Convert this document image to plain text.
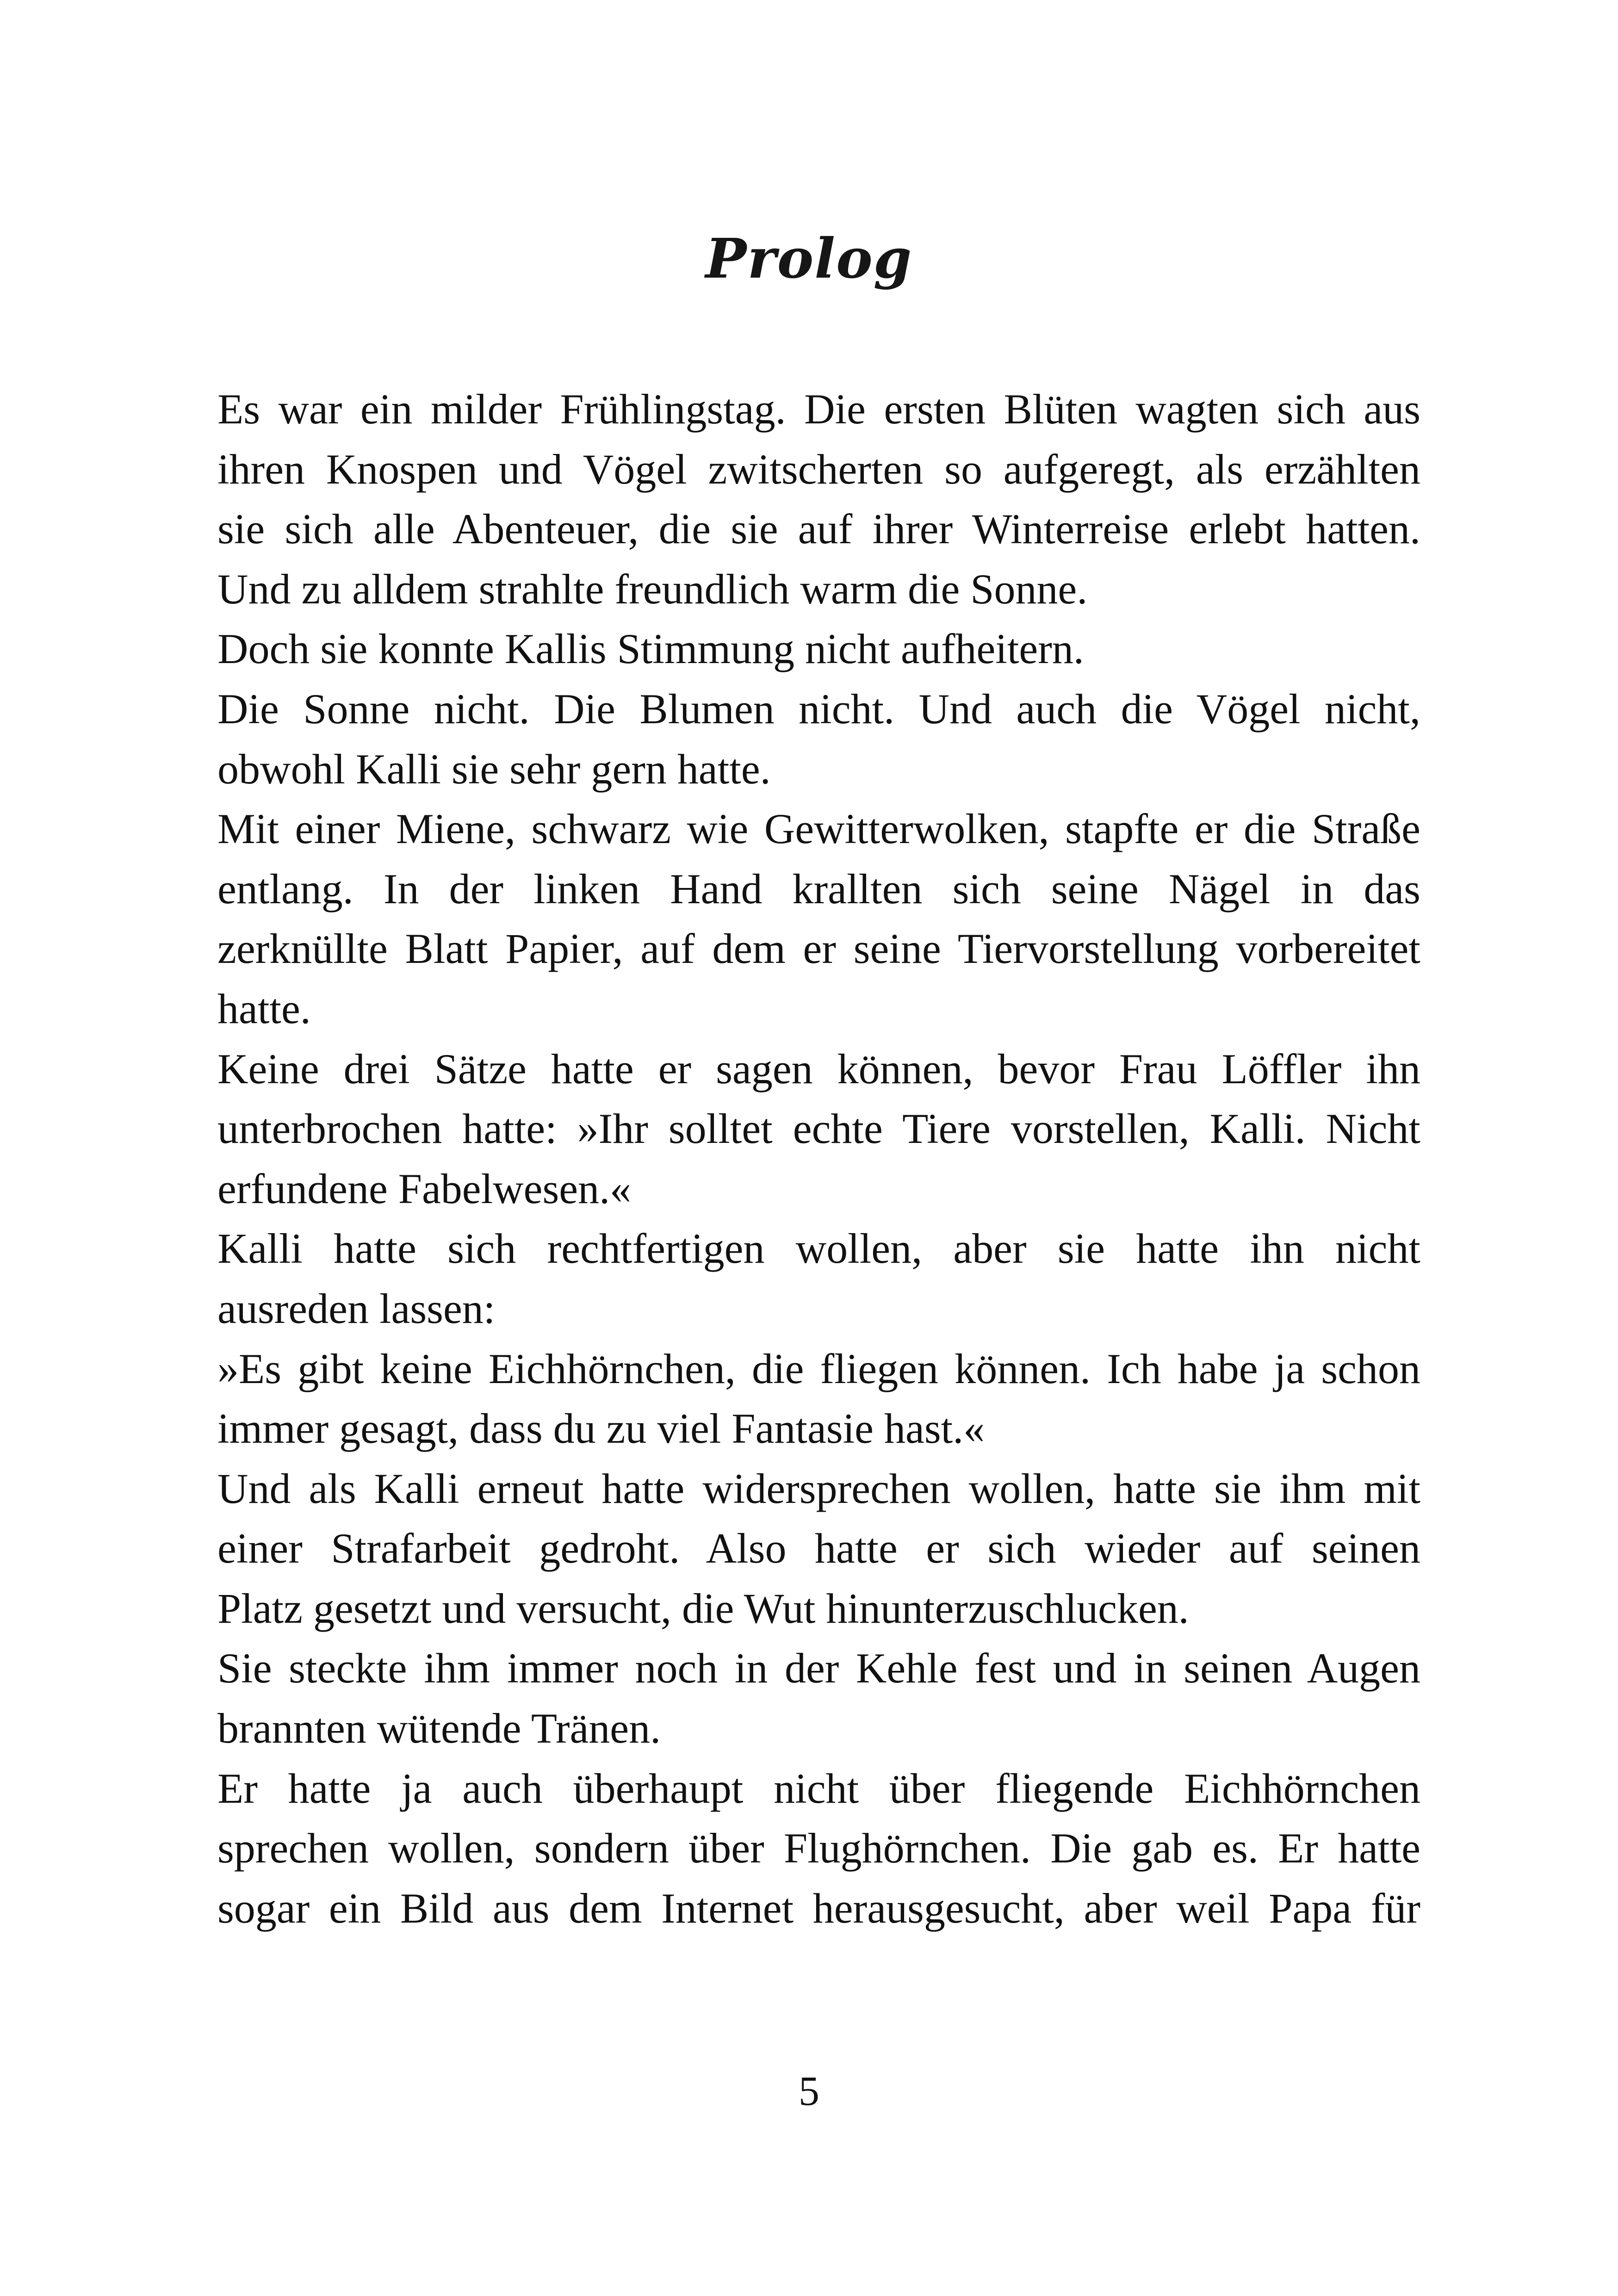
Prolog

Es war ein milder Frühlingstag. Die ersten Blüten wagten sich aus
ihren Knospen und Vögel zwitscherten so aufgeregt, als erzählten
sie sich alle Abenteuer, die sie auf ihrer Winterreise erlebt hatten.
Und zu alldem strahlte freundlich warm die Sonne.

Doch sie konnte Kallis Stimmung nicht aufheitern.

Die Sonne nicht. Die Blumen nicht. Und auch die Vögel nicht,
obwohl Kalli sie sehr gern hatte.

Mit einer Miene, schwarz wie Gewitterwolken, stapfte er die Straße
entlang. In der linken Hand krallten sich seine Nägel in das
zerknüllte Blatt Papier, auf dem er seine Tiervorstellung vorbereitet
hatte.

Keine drei Sätze hatte er sagen können, bevor Frau Löffler ihn
unterbrochen hatte: »Ihr solltet echte Tiere vorstellen, Kalli. Nicht
erfundene Fabelwesen.«

Kalli hatte sich rechtfertigen wollen, aber sie hatte ihn nicht
ausreden lassen:

»Es gibt keine Eichhörnchen, die fliegen können. Ich habe ja schon
immer gesagt, dass du zu viel Fantasie hast.«

Und als Kalli erneut hatte widersprechen wollen, hatte sie ihm mit
einer Strafarbeit gedroht. Also hatte er sich wieder auf seinen
Platz gesetzt und versucht, die Wut hinunterzuschlucken.

Sie steckte ihm immer noch in der Kehle fest und in seinen Augen
brannten wütende Tränen.

Er hatte ja auch überhaupt nicht über fliegende Eichhörnchen
sprechen wollen, sondern über Flughörnchen. Die gab es. Er hatte
sogar ein Bild aus dem Internet herausgesucht, aber weil Papa für

5
